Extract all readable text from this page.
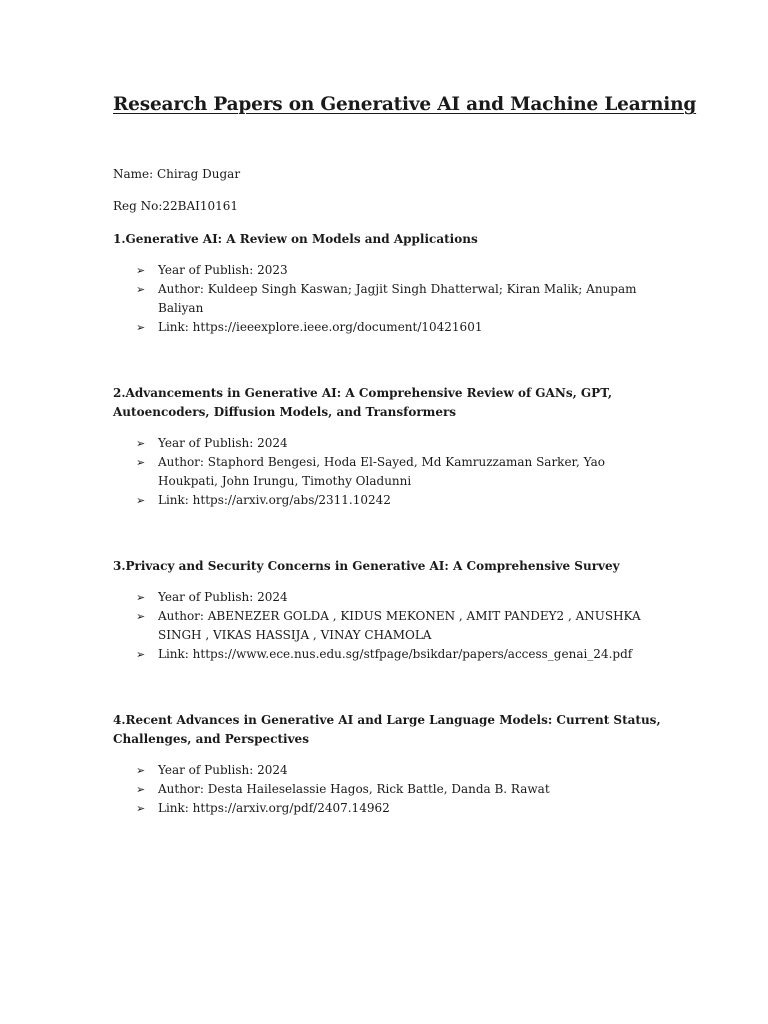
Research Papers on Generative AI and Machine Learning

Name: Chirag Dugar

Reg No:22BAI10161

1.Generative AI: A Review on Models and Applications

➢ Year of Publish: 2023
➢ Author: Kuldeep Singh Kaswan; Jagjit Singh Dhatterwal; Kiran Malik; Anupam Baliyan
➢ Link: https://ieeexplore.ieee.org/document/10421601

2.Advancements in Generative AI: A Comprehensive Review of GANs, GPT, Autoencoders, Diffusion Models, and Transformers

➢ Year of Publish: 2024
➢ Author: Staphord Bengesi, Hoda El-Sayed, Md Kamruzzaman Sarker, Yao Houkpati, John Irungu, Timothy Oladunni
➢ Link: https://arxiv.org/abs/2311.10242

3.Privacy and Security Concerns in Generative AI: A Comprehensive Survey

➢ Year of Publish: 2024
➢ Author: ABENEZER GOLDA , KIDUS MEKONEN , AMIT PANDEY2 , ANUSHKA SINGH , VIKAS HASSIJA , VINAY CHAMOLA
➢ Link: https://www.ece.nus.edu.sg/stfpage/bsikdar/papers/access_genai_24.pdf

4.Recent Advances in Generative AI and Large Language Models: Current Status, Challenges, and Perspectives

➢ Year of Publish: 2024
➢ Author: Desta Haileselassie Hagos, Rick Battle, Danda B. Rawat
➢ Link: https://arxiv.org/pdf/2407.14962
